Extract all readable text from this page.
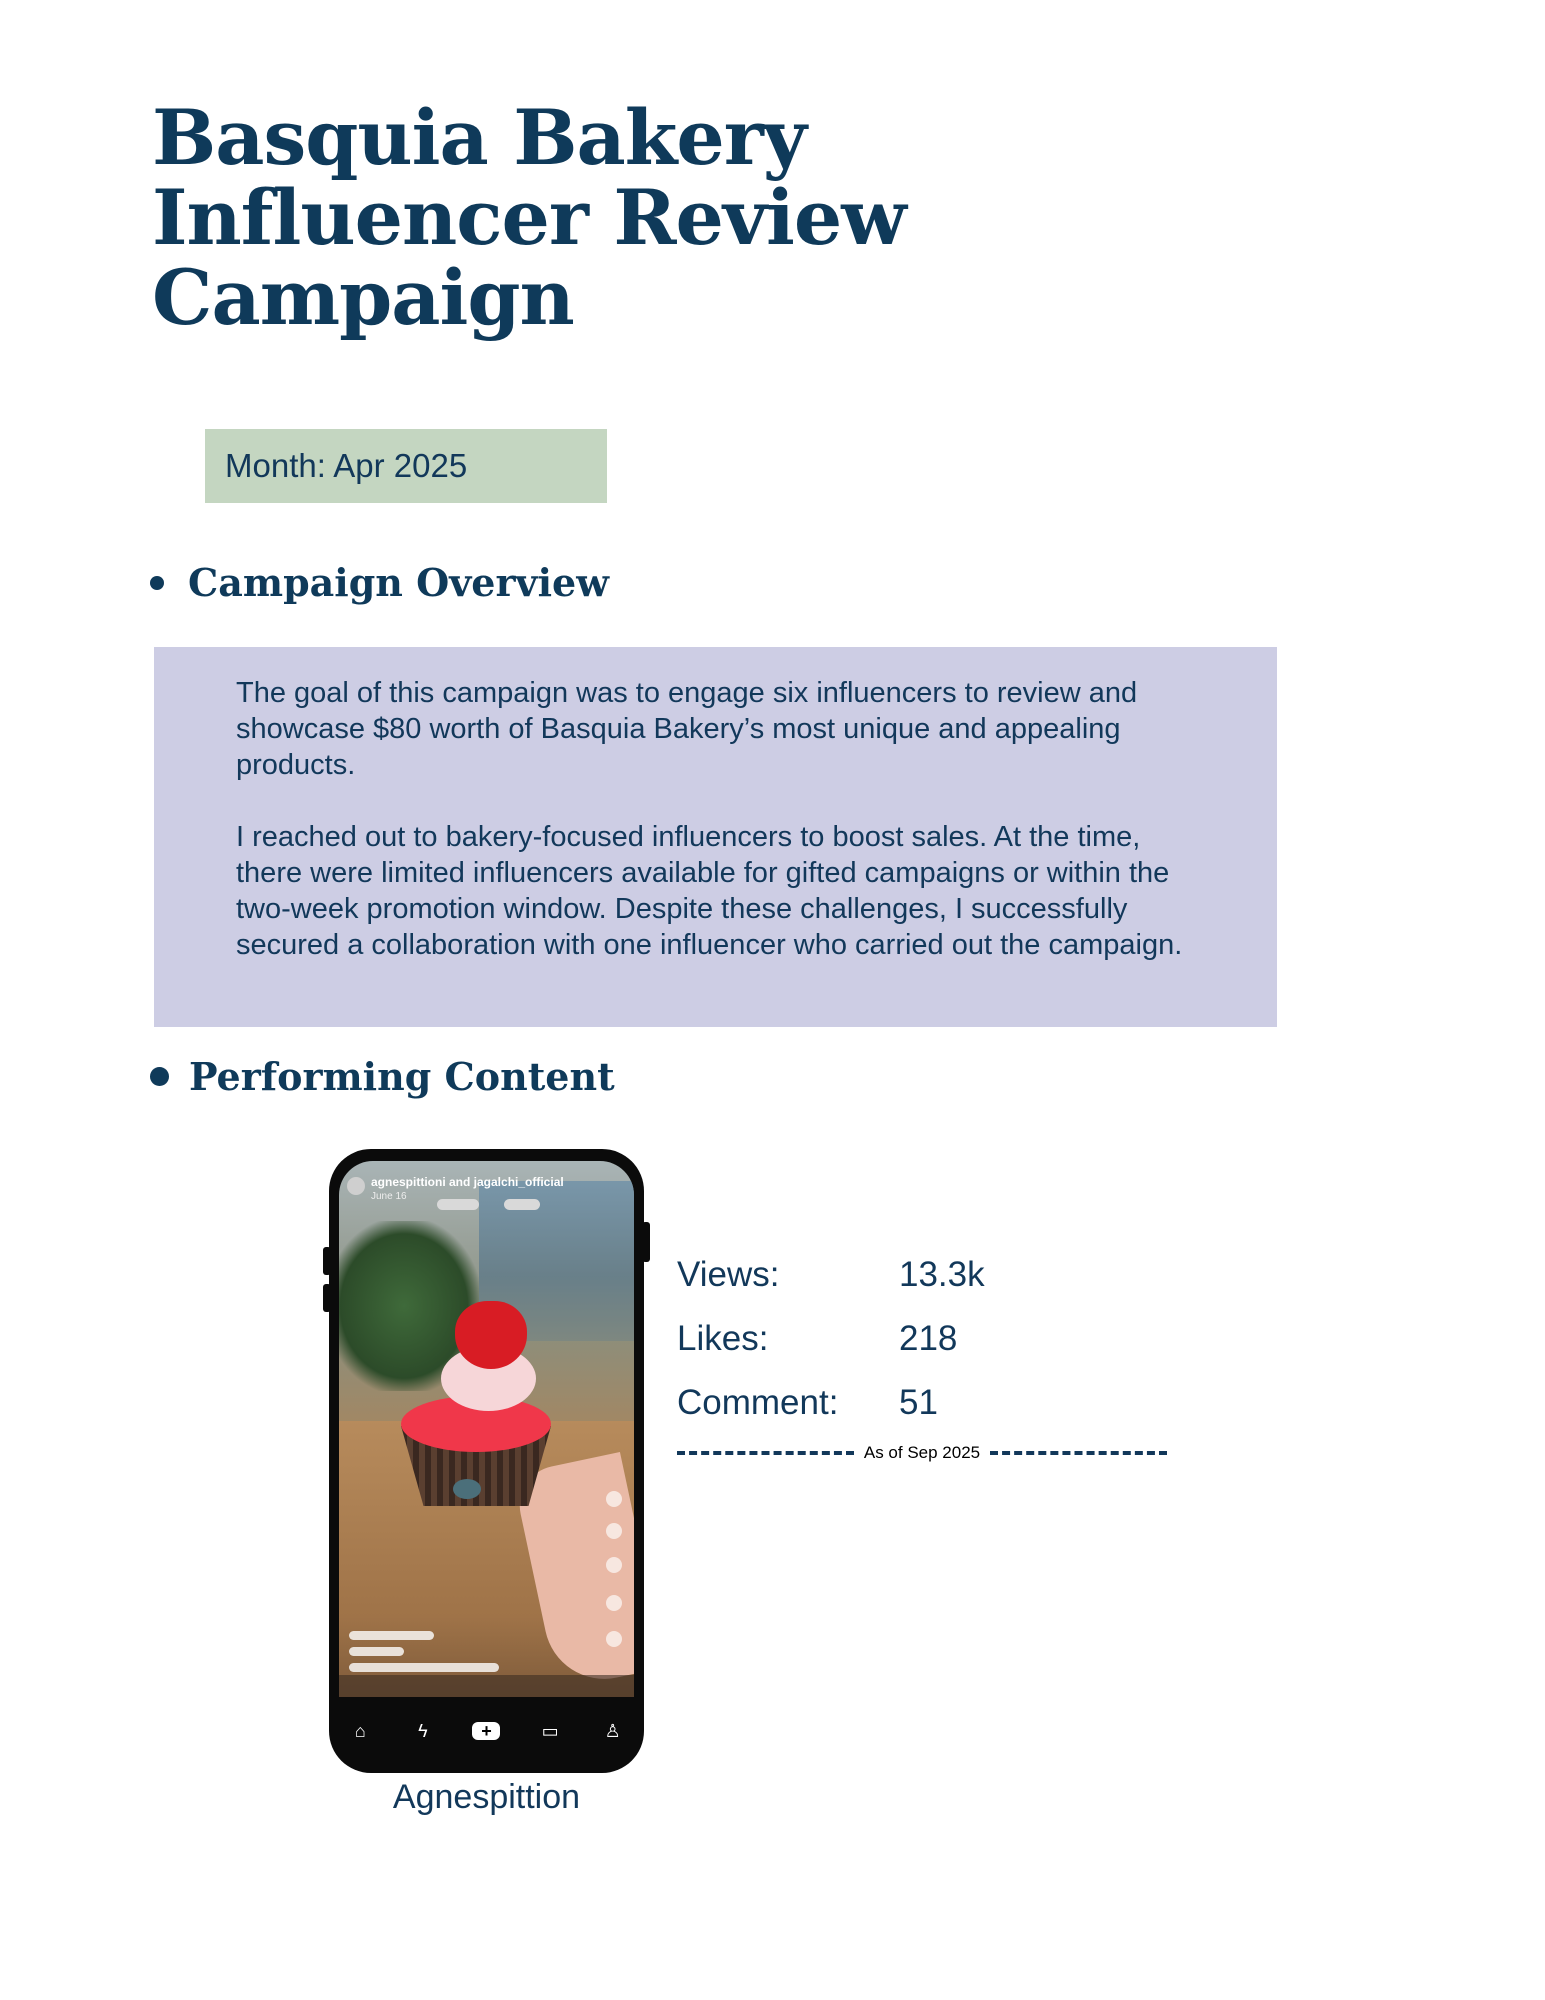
Basquia Bakery
Influencer Review
Campaign
Month: Apr 2025
Campaign Overview

The goal of this campaign was to engage six influencers to review and showcase $80 worth of Basquia Bakery’s most unique and appealing products.

I reached out to bakery-focused influencers to boost sales. At the time, there were limited influencers available for gifted campaigns or within the two-week promotion window. Despite these challenges, I successfully secured a collaboration with one influencer who carried out the campaign.

Performing Content
agnespittioni and jagalchi_official
June 16
⌂	ϟ	+	▭	♙
Agnespittion
Views:	13.3k
Likes:	218
Comment: 51
As of Sep 2025
